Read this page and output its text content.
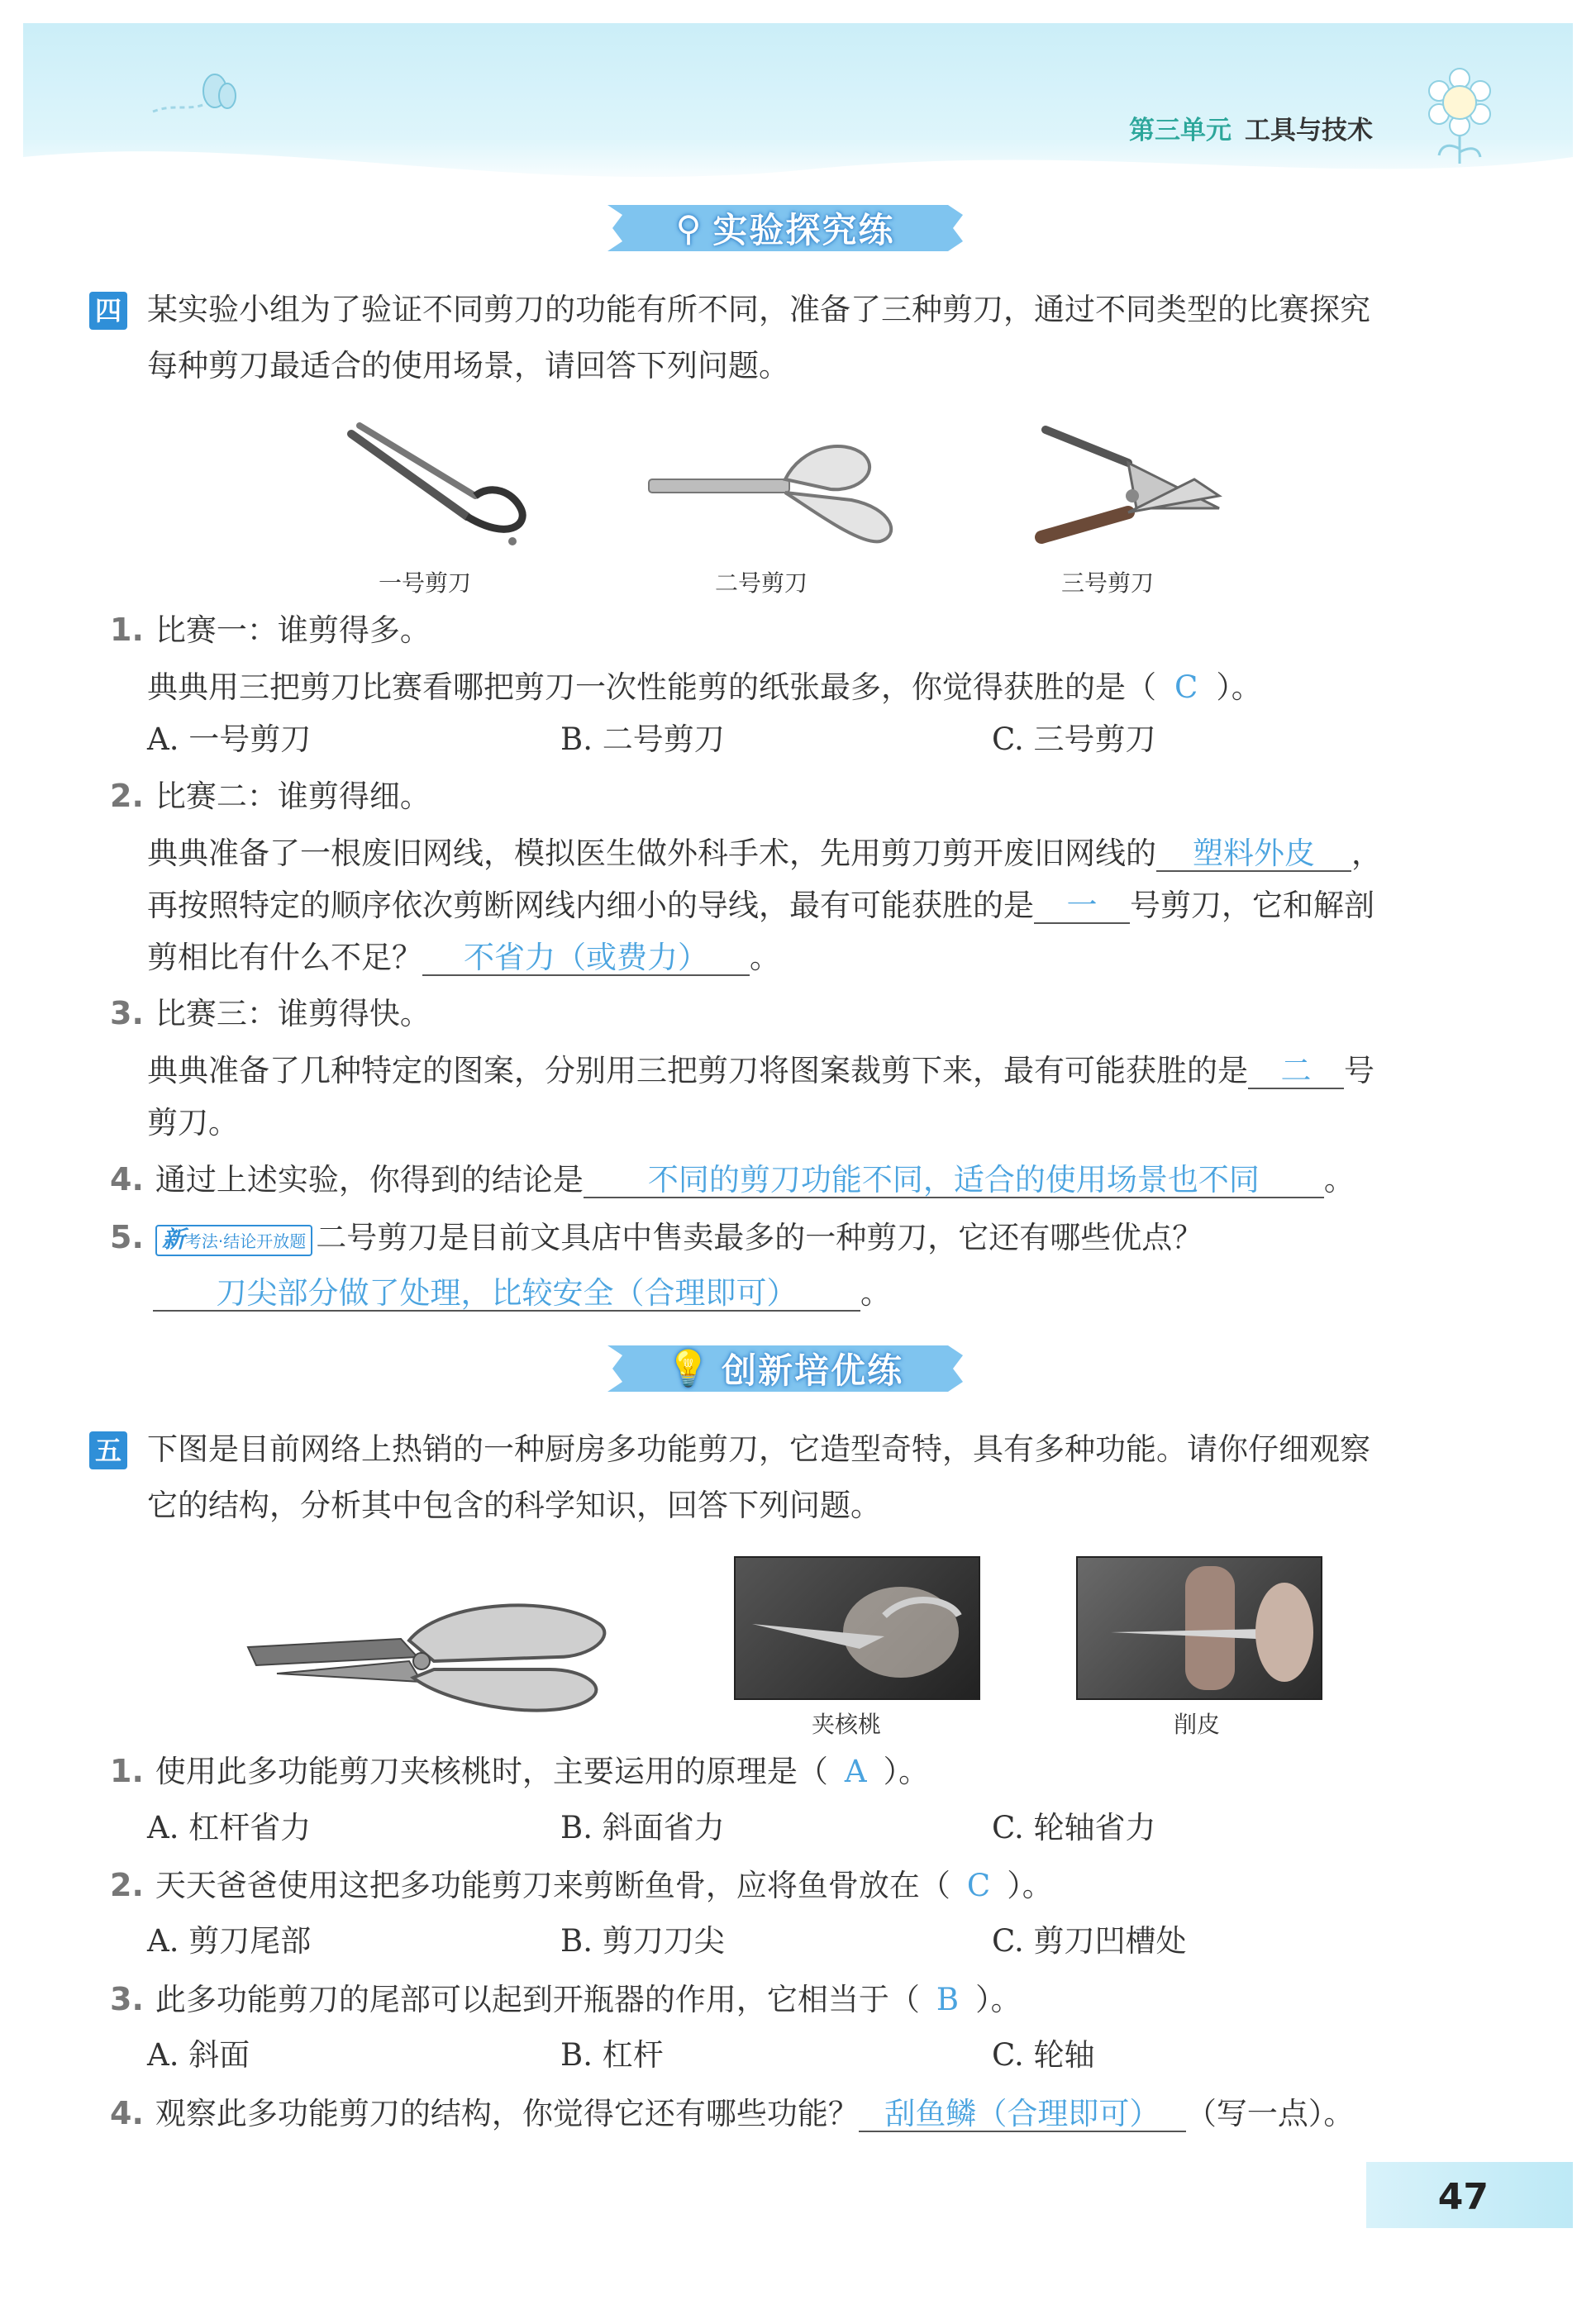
第三单元 工具与技术
⚲ 实验探究练
四 某实验小组为了验证不同剪刀的功能有所不同，准备了三种剪刀，通过不同类型的比赛探究
每种剪刀最适合的使用场景，请回答下列问题。
一号剪刀	二号剪刀	三号剪刀
1. 比赛一：谁剪得多。
典典用三把剪刀比赛看哪把剪刀一次性能剪的纸张最多，你觉得获胜的是（ C ）。
A. 一号剪刀	B. 二号剪刀	C. 三号剪刀
2. 比赛二：谁剪得细。
典典准备了一根废旧网线，模拟医生做外科手术，先用剪刀剪开废旧网线的 塑料外皮 ，
再按照特定的顺序依次剪断网线内细小的导线，最有可能获胜的是 一 号剪刀，它和解剖
剪相比有什么不足？ 不省力（或费力） 。
3. 比赛三：谁剪得快。
典典准备了几种特定的图案，分别用三把剪刀将图案裁剪下来，最有可能获胜的是 二 号
剪刀。
4. 通过上述实验，你得到的结论是 不同的剪刀功能不同，适合的使用场景也不同 。
5. 新考法·结论开放题 二号剪刀是目前文具店中售卖最多的一种剪刀，它还有哪些优点？
刀尖部分做了处理，比较安全（合理即可） 。
💡 创新培优练
五 下图是目前网络上热销的一种厨房多功能剪刀，它造型奇特，具有多种功能。请你仔细观察
它的结构，分析其中包含的科学知识，回答下列问题。
夹核桃	削皮
1. 使用此多功能剪刀夹核桃时，主要运用的原理是（ A ）。
A. 杠杆省力	B. 斜面省力	C. 轮轴省力
2. 天天爸爸使用这把多功能剪刀来剪断鱼骨，应将鱼骨放在（ C ）。
A. 剪刀尾部	B. 剪刀刀尖	C. 剪刀凹槽处
3. 此多功能剪刀的尾部可以起到开瓶器的作用，它相当于（ B ）。
A. 斜面	B. 杠杆	C. 轮轴
4. 观察此多功能剪刀的结构，你觉得它还有哪些功能？ 刮鱼鳞（合理即可） （写一点）。
47
